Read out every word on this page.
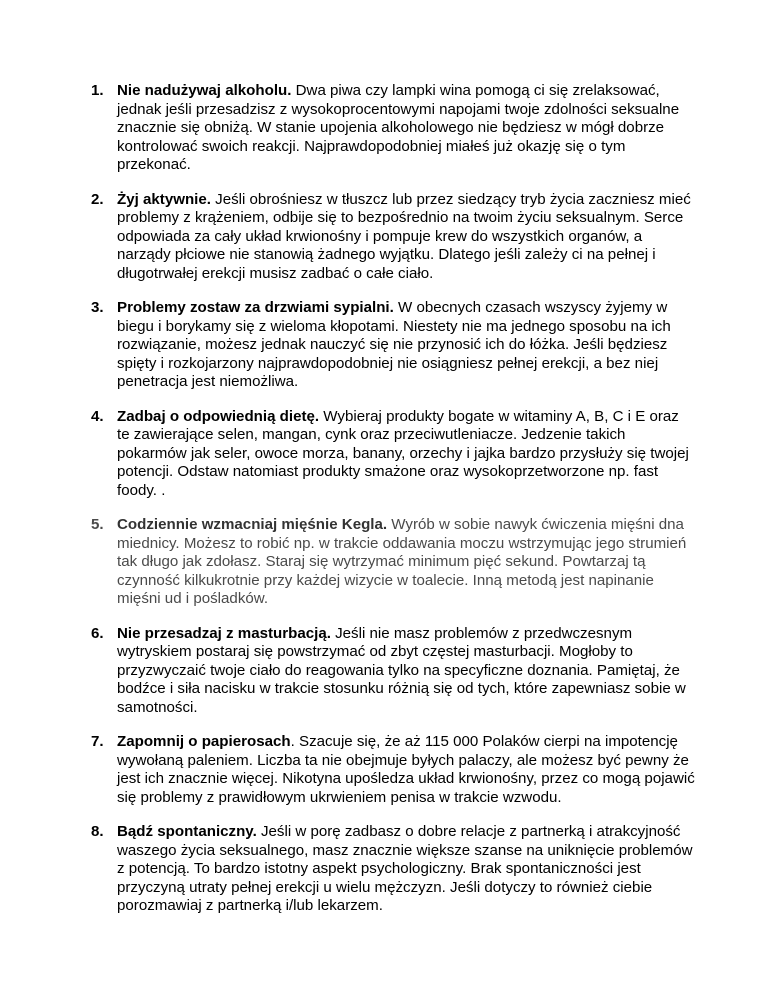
1. Nie nadużywaj alkoholu. Dwa piwa czy lampki wina pomogą ci się zrelaksować, jednak jeśli przesadzisz z wysokoprocentowymi napojami twoje zdolności seksualne znacznie się obniżą. W stanie upojenia alkoholowego nie będziesz w mógł dobrze kontrolować swoich reakcji. Najprawdopodobniej miałeś już okazję się o tym przekonać.
2. Żyj aktywnie. Jeśli obrośniesz w tłuszcz lub przez siedzący tryb życia zaczniesz mieć problemy z krążeniem, odbije się to bezpośrednio na twoim życiu seksualnym. Serce odpowiada za cały układ krwionośny i pompuje krew do wszystkich organów, a narządy płciowe nie stanowią żadnego wyjątku. Dlatego jeśli zależy ci na pełnej i długotrwałej erekcji musisz zadbać o całe ciało.
3. Problemy zostaw za drzwiami sypialni. W obecnych czasach wszyscy żyjemy w biegu i borykamy się z wieloma kłopotami. Niestety nie ma jednego sposobu na ich rozwiązanie, możesz jednak nauczyć się nie przynosić ich do łóżka. Jeśli będziesz spięty i rozkojarzony najprawdopodobniej nie osiągniesz pełnej erekcji, a bez niej penetracja jest niemożliwa.
4. Zadbaj o odpowiednią dietę. Wybieraj produkty bogate w witaminy A, B, C i E oraz te zawierające selen, mangan, cynk oraz przeciwutleniacze. Jedzenie takich pokarmów jak seler, owoce morza, banany, orzechy i jajka bardzo przysłuży się twojej potencji. Odstaw natomiast produkty smażone oraz wysokoprzetworzone np. fast foody. .
5. Codziennie wzmacniaj mięśnie Kegla. Wyrób w sobie nawyk ćwiczenia mięśni dna miednicy. Możesz to robić np. w trakcie oddawania moczu wstrzymując jego strumień tak długo jak zdołasz. Staraj się wytrzymać minimum pięć sekund. Powtarzaj tą czynność kilkukrotnie przy każdej wizycie w toalecie. Inną metodą jest napinanie mięśni ud i pośladków.
6. Nie przesadzaj z masturbacją. Jeśli nie masz problemów z przedwczesnym wytryskiem postaraj się powstrzymać od zbyt częstej masturbacji. Mogłoby to przyzwyczaić twoje ciało do reagowania tylko na specyficzne doznania. Pamiętaj, że bodźce i siła nacisku w trakcie stosunku różnią się od tych, które zapewniasz sobie w samotności.
7. Zapomnij o papierosach. Szacuje się, że aż 115 000 Polaków cierpi na impotencję wywołaną paleniem. Liczba ta nie obejmuje byłych palaczy, ale możesz być pewny że jest ich znacznie więcej. Nikotyna upośledza układ krwionośny, przez co mogą pojawić się problemy z prawidłowym ukrwieniem penisa w trakcie wzwodu.
8. Bądź spontaniczny. Jeśli w porę zadbasz o dobre relacje z partnerką i atrakcyjność waszego życia seksualnego, masz znacznie większe szanse na uniknięcie problemów z potencją. To bardzo istotny aspekt psychologiczny. Brak spontaniczności jest przyczyną utraty pełnej erekcji u wielu mężczyzn. Jeśli dotyczy to również ciebie porozmawiaj z partnerką i/lub lekarzem.
